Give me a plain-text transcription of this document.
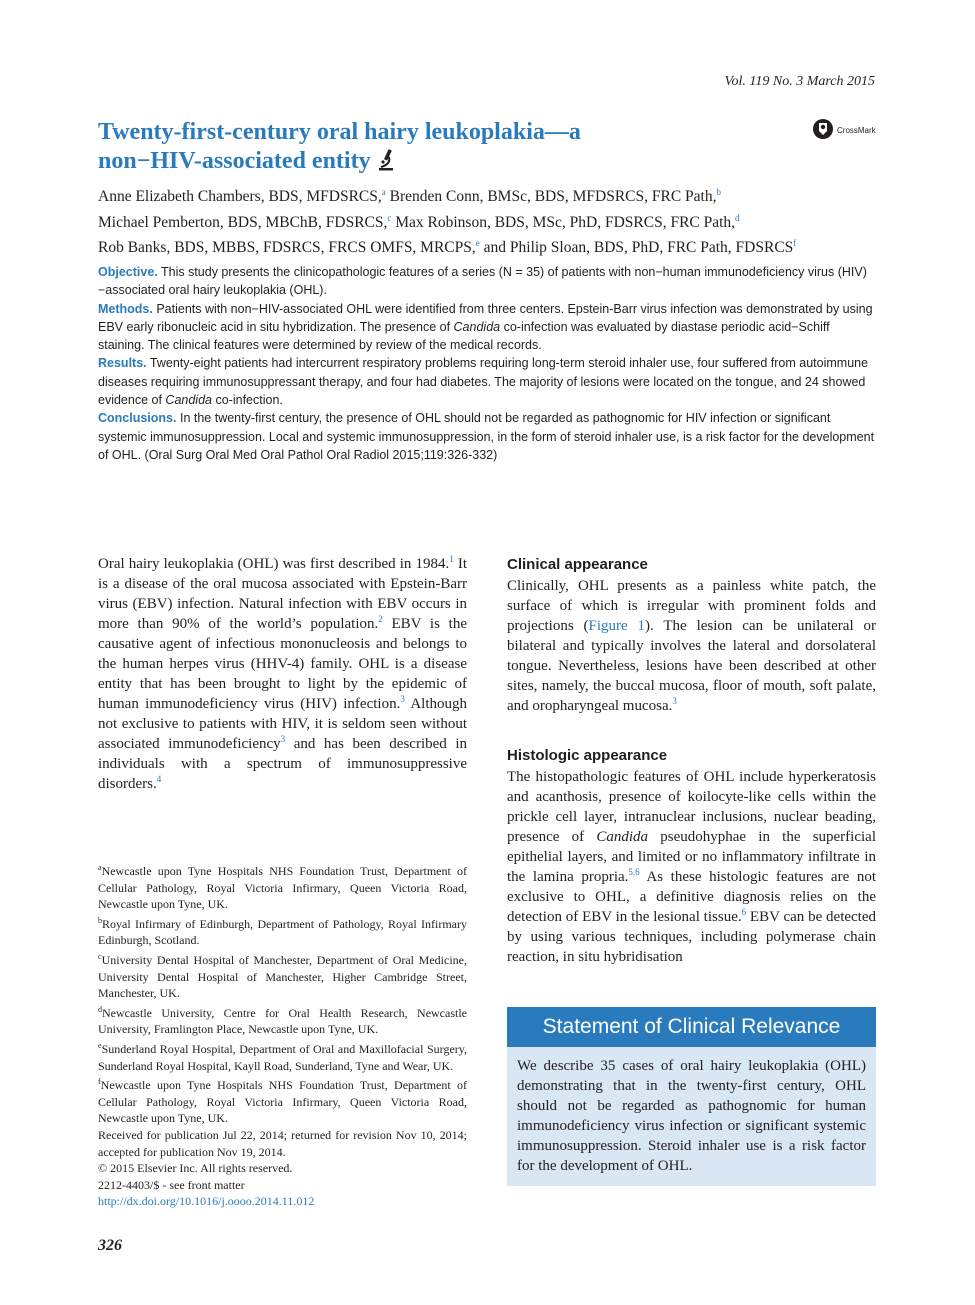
Vol. 119 No. 3 March 2015
Twenty-first-century oral hairy leukoplakia—a
non−HIV-associated entity
CrossMark
Anne Elizabeth Chambers, BDS, MFDSRCS,$^a$ Brenden Conn, BMSc, BDS, MFDSRCS, FRC Path,$^b$
Michael Pemberton, BDS, MBChB, FDSRCS,$^c$ Max Robinson, BDS, MSc, PhD, FDSRCS, FRC Path,$^d$
Rob Banks, BDS, MBBS, FDSRCS, FRCS OMFS, MRCPS,$^e$ and Philip Sloan, BDS, PhD, FRC Path, FDSRCS$^f$

Objective. This study presents the clinicopathologic features of a series (N = 35) of patients with non−human immunodeficiency virus (HIV)−associated oral hairy leukoplakia (OHL).

Methods. Patients with non−HIV-associated OHL were identified from three centers. Epstein-Barr virus infection was demonstrated by using EBV early ribonucleic acid in situ hybridization. The presence of Candida co-infection was evaluated by diastase periodic acid−Schiff staining. The clinical features were determined by review of the medical records.

Results. Twenty-eight patients had intercurrent respiratory problems requiring long-term steroid inhaler use, four suffered from autoimmune diseases requiring immunosuppressant therapy, and four had diabetes. The majority of lesions were located on the tongue, and 24 showed evidence of Candida co-infection.

Conclusions. In the twenty-first century, the presence of OHL should not be regarded as pathognomic for HIV infection or significant systemic immunosuppression. Local and systemic immunosuppression, in the form of steroid inhaler use, is a risk factor for the development of OHL. (Oral Surg Oral Med Oral Pathol Oral Radiol 2015;119:326-332)

Oral hairy leukoplakia (OHL) was first described in 1984.$^1$ It is a disease of the oral mucosa associated with Epstein-Barr virus (EBV) infection. Natural infection with EBV occurs in more than 90% of the world’s population.$^2$ EBV is the causative agent of infectious mononucleosis and belongs to the human herpes virus (HHV-4) family. OHL is a disease entity that has been brought to light by the epidemic of human immunodeficiency virus (HIV) infection.$^3$ Although not exclusive to patients with HIV, it is seldom seen without associated immunodeficiency$^3$ and has been described in individuals with a spectrum of immunosuppressive disorders.$^4$

$^a$Newcastle upon Tyne Hospitals NHS Foundation Trust, Department of Cellular Pathology, Royal Victoria Infirmary, Queen Victoria Road, Newcastle upon Tyne, UK.

$^b$Royal Infirmary of Edinburgh, Department of Pathology, Royal Infirmary Edinburgh, Scotland.

$^c$University Dental Hospital of Manchester, Department of Oral Medicine, University Dental Hospital of Manchester, Higher Cambridge Street, Manchester, UK.

$^d$Newcastle University, Centre for Oral Health Research, Newcastle University, Framlington Place, Newcastle upon Tyne, UK.

$^e$Sunderland Royal Hospital, Department of Oral and Maxillofacial Surgery, Sunderland Royal Hospital, Kayll Road, Sunderland, Tyne and Wear, UK.

$^f$Newcastle upon Tyne Hospitals NHS Foundation Trust, Department of Cellular Pathology, Royal Victoria Infirmary, Queen Victoria Road, Newcastle upon Tyne, UK.

Received for publication Jul 22, 2014; returned for revision Nov 10, 2014; accepted for publication Nov 19, 2014.

© 2015 Elsevier Inc. All rights reserved.

2212-4403/$ - see front matter

http://dx.doi.org/10.1016/j.oooo.2014.11.012

Clinical appearance

Clinically, OHL presents as a painless white patch, the surface of which is irregular with prominent folds and projections (Figure 1). The lesion can be unilateral or bilateral and typically involves the lateral and dorsolateral tongue. Nevertheless, lesions have been described at other sites, namely, the buccal mucosa, floor of mouth, soft palate, and oropharyngeal mucosa.$^3$

Histologic appearance

The histopathologic features of OHL include hyperkeratosis and acanthosis, presence of koilocyte-like cells within the prickle cell layer, intranuclear inclusions, nuclear beading, presence of Candida pseudohyphae in the superficial epithelial layers, and limited or no inflammatory infiltrate in the lamina propria.$^{5,6}$ As these histologic features are not exclusive to OHL, a definitive diagnosis relies on the detection of EBV in the lesional tissue.$^6$ EBV can be detected by using various techniques, including polymerase chain reaction, in situ hybridisation

Statement of Clinical Relevance
We describe 35 cases of oral hairy leukoplakia (OHL) demonstrating that in the twenty-first century, OHL should not be regarded as pathognomic for human immunodeficiency virus infection or significant systemic immunosuppression. Steroid inhaler use is a risk factor for the development of OHL.
326
